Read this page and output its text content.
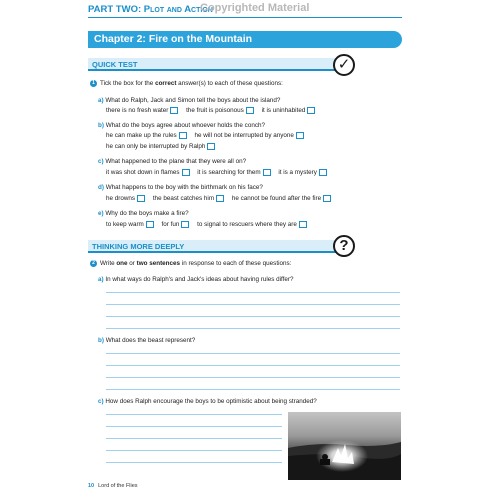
PART TWO: Plot and Action
Copyrighted Material
Chapter 2: Fire on the Mountain
QUICK TEST	✓
1 Tick the box for the correct answer(s) to each of these questions:
a) What do Ralph, Jack and Simon tell the boys about the island?
there is no fresh water	the fruit is poisonous	it is uninhabited
b) What do the boys agree about whoever holds the conch?
he can make up the rules	he will not be interrupted by anyone
he can only be interrupted by Ralph
c) What happened to the plane that they were all on?
it was shot down in flames	it is searching for them	it is a mystery
d) What happens to the boy with the birthmark on his face?
he drowns	the beast catches him	he cannot be found after the fire
e) Why do the boys make a fire?
to keep warm	for fun	to signal to rescuers where they are
THINKING MORE DEEPLY	?
2 Write one or two sentences in response to each of these questions:
a) In what ways do Ralph's and Jack's ideas about having rules differ?
b) What does the beast represent?
c) How does Ralph encourage the boys to be optimistic about being stranded?
10 Lord of the Flies
